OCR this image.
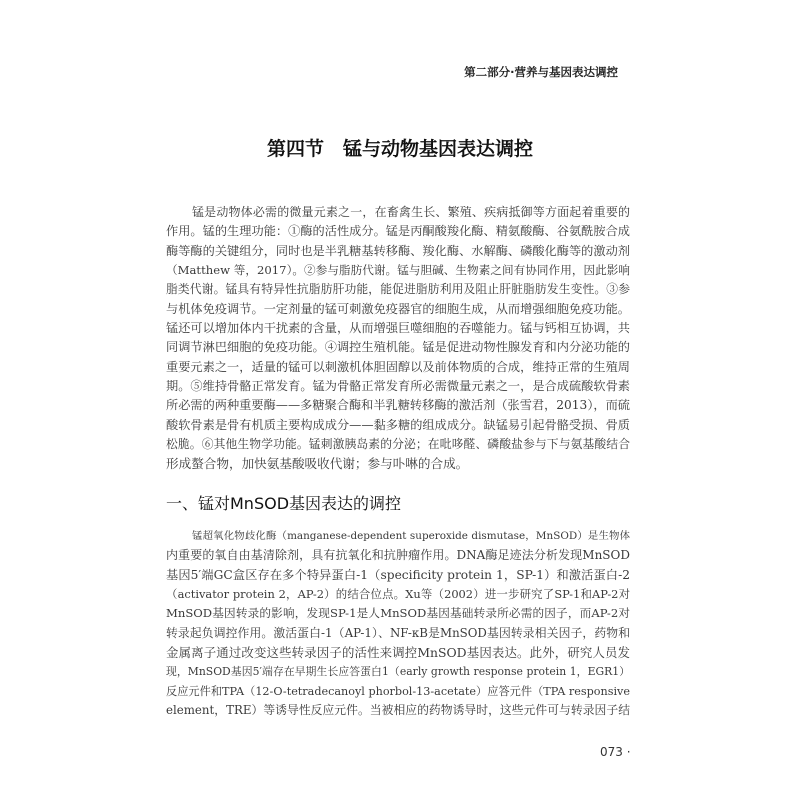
第二部分·营养与基因表达调控
第四节　锰与动物基因表达调控
锰是动物体必需的微量元素之一，在畜禽生长、繁殖、疾病抵御等方面起着重要的
作用。锰的生理功能：①酶的活性成分。锰是丙酮酸羧化酶、精氨酸酶、谷氨酰胺合成
酶等酶的关键组分，同时也是半乳糖基转移酶、羧化酶、水解酶、磷酸化酶等的激动剂
（Matthew 等，2017）。②参与脂肪代谢。锰与胆碱、生物素之间有协同作用，因此影响
脂类代谢。锰具有特异性抗脂肪肝功能，能促进脂肪利用及阻止肝脏脂肪发生变性。③参
与机体免疫调节。一定剂量的锰可刺激免疫器官的细胞生成，从而增强细胞免疫功能。
锰还可以增加体内干扰素的含量，从而增强巨噬细胞的吞噬能力。锰与钙相互协调，共
同调节淋巴细胞的免疫功能。④调控生殖机能。锰是促进动物性腺发育和内分泌功能的
重要元素之一，适量的锰可以刺激机体胆固醇以及前体物质的合成，维持正常的生殖周
期。⑤维持骨骼正常发育。锰为骨骼正常发育所必需微量元素之一，是合成硫酸软骨素
所必需的两种重要酶——多糖聚合酶和半乳糖转移酶的激活剂（张雪君，2013），而硫
酸软骨素是骨有机质主要构成成分——黏多糖的组成成分。缺锰易引起骨骼受损、骨质
松脆。⑥其他生物学功能。锰刺激胰岛素的分泌；在吡哆醛、磷酸盐参与下与氨基酸结合
形成螯合物，加快氨基酸吸收代谢；参与卟啉的合成。
一、锰对MnSOD基因表达的调控
锰超氧化物歧化酶（manganese-dependent superoxide dismutase，MnSOD）是生物体
内重要的氧自由基清除剂，具有抗氧化和抗肿瘤作用。DNA酶足迹法分析发现MnSOD
基因5′端GC盒区存在多个特异蛋白-1（specificity protein 1，SP-1）和激活蛋白-2
（activator protein 2，AP-2）的结合位点。Xu等（2002）进一步研究了SP-1和AP-2对
MnSOD基因转录的影响，发现SP-1是人MnSOD基因基础转录所必需的因子，而AP-2对
转录起负调控作用。激活蛋白-1（AP-1）、NF-κB是MnSOD基因转录相关因子，药物和
金属离子通过改变这些转录因子的活性来调控MnSOD基因表达。此外，研究人员发
现，MnSOD基因5′端存在早期生长应答蛋白1（early growth response protein 1，EGR1）
反应元件和TPA（12-O-tetradecanoyl phorbol-13-acetate）应答元件（TPA responsive
element，TRE）等诱导性反应元件。当被相应的药物诱导时，这些元件可与转录因子结
073 ·
